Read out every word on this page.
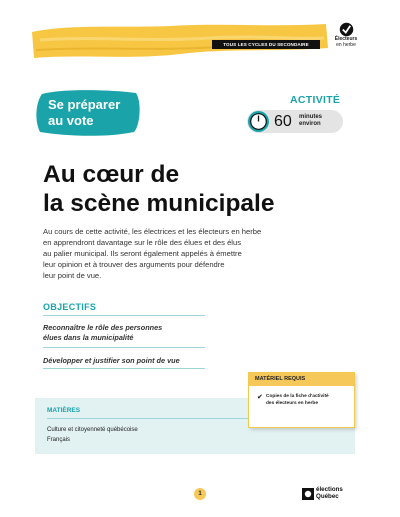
TOUS LES CYCLES DU SECONDAIRE
Électeurs
en herbe
Se préparer
au vote
ACTIVITÉ
60 minutes
environ
Au cœur de
la scène municipale
Au cours de cette activité, les électrices et les électeurs en herbe
en apprendront davantage sur le rôle des élues et des élus
au palier municipal. Ils seront également appelés à émettre
leur opinion et à trouver des arguments pour défendre
leur point de vue.
OBJECTIFS
Reconnaître le rôle des personnes
élues dans la municipalité
Développer et justifier son point de vue
MATIÈRES
Culture et citoyenneté québécoise
Français
MATÉRIEL REQUIS
✔ Copies de la fiche d'activité
des électeurs en herbe
1
élections
Québec
